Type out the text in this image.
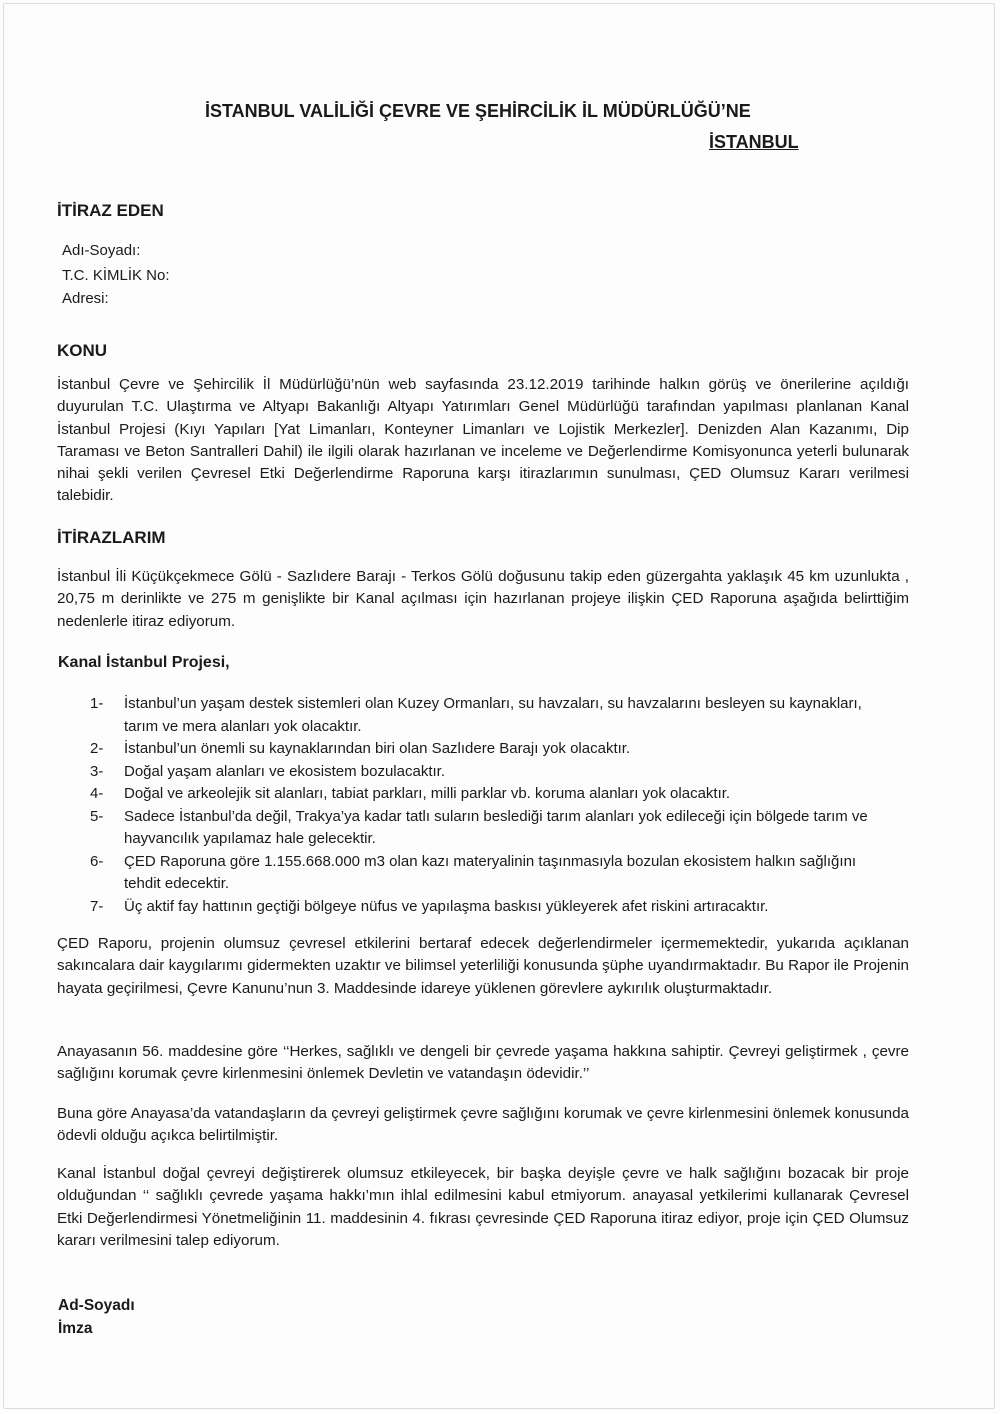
İSTANBUL VALİLİĞİ ÇEVRE VE ŞEHİRCİLİK İL MÜDÜRLÜĞÜ’NE
İSTANBUL
İTİRAZ EDEN
Adı-Soyadı:
T.C. KİMLİK No:
Adresi:
KONU
İstanbul Çevre ve Şehircilik İl Müdürlüğü’nün web sayfasında 23.12.2019 tarihinde halkın görüş ve önerilerine açıldığı duyurulan T.C. Ulaştırma ve Altyapı Bakanlığı Altyapı Yatırımları Genel Müdürlüğü tarafından yapılması planlanan Kanal İstanbul Projesi (Kıyı Yapıları [Yat Limanları, Konteyner Limanları ve Lojistik Merkezler]. Denizden Alan Kazanımı, Dip Taraması ve Beton Santralleri Dahil) ile ilgili olarak hazırlanan ve inceleme ve Değerlendirme Komisyonunca yeterli bulunarak nihai şekli verilen Çevresel Etki Değerlendirme Raporuna karşı itirazlarımın sunulması, ÇED Olumsuz Kararı verilmesi talebidir.
İTİRAZLARIM
İstanbul İli Küçükçekmece Gölü - Sazlıdere Barajı - Terkos Gölü doğusunu takip eden güzergahta yaklaşık 45 km uzunlukta , 20,75 m derinlikte ve 275 m genişlikte bir Kanal açılması için hazırlanan projeye ilişkin ÇED Raporuna aşağıda belirttiğim nedenlerle itiraz ediyorum.
Kanal İstanbul Projesi,
1-	İstanbul’un yaşam destek sistemleri olan Kuzey Ormanları, su havzaları, su havzalarını besleyen su kaynakları, tarım ve mera alanları yok olacaktır.
2-	İstanbul’un önemli su kaynaklarından biri olan Sazlıdere Barajı yok olacaktır.
3-	Doğal yaşam alanları ve ekosistem bozulacaktır.
4-	Doğal ve arkeolejik sit alanları, tabiat parkları, milli parklar vb. koruma alanları yok olacaktır.
5-	Sadece İstanbul’da değil, Trakya’ya kadar tatlı suların beslediği tarım alanları yok edileceği için bölgede tarım ve hayvancılık yapılamaz hale gelecektir.
6-	ÇED Raporuna göre 1.155.668.000 m3 olan kazı materyalinin taşınmasıyla bozulan ekosistem halkın sağlığını tehdit edecektir.
7-	Üç aktif fay hattının geçtiği bölgeye nüfus ve yapılaşma baskısı yükleyerek afet riskini artıracaktır.
ÇED Raporu, projenin olumsuz çevresel etkilerini bertaraf edecek değerlendirmeler içermemektedir, yukarıda açıklanan sakıncalara dair kaygılarımı gidermekten uzaktır ve bilimsel yeterliliği konusunda şüphe uyandırmaktadır. Bu Rapor ile Projenin hayata geçirilmesi, Çevre Kanunu’nun 3. Maddesinde idareye yüklenen görevlere aykırılık oluşturmaktadır.
Anayasanın 56. maddesine göre ‘‘Herkes, sağlıklı ve dengeli bir çevrede yaşama hakkına sahiptir. Çevreyi geliştirmek , çevre sağlığını korumak çevre kirlenmesini önlemek Devletin ve vatandaşın ödevidir.’’
Buna göre Anayasa’da vatandaşların da çevreyi geliştirmek çevre sağlığını korumak ve çevre kirlenmesini önlemek konusunda ödevli olduğu açıkca belirtilmiştir.
Kanal İstanbul doğal çevreyi değiştirerek olumsuz etkileyecek, bir başka deyişle çevre ve halk sağlığını bozacak bir proje olduğundan ‘‘ sağlıklı çevrede yaşama hakkı’mın ihlal edilmesini kabul etmiyorum. anayasal yetkilerimi kullanarak Çevresel Etki Değerlendirmesi Yönetmeliğinin 11. maddesinin 4. fıkrası çevresinde ÇED Raporuna itiraz ediyor, proje için ÇED Olumsuz kararı verilmesini talep ediyorum.
Ad-Soyadı
İmza
